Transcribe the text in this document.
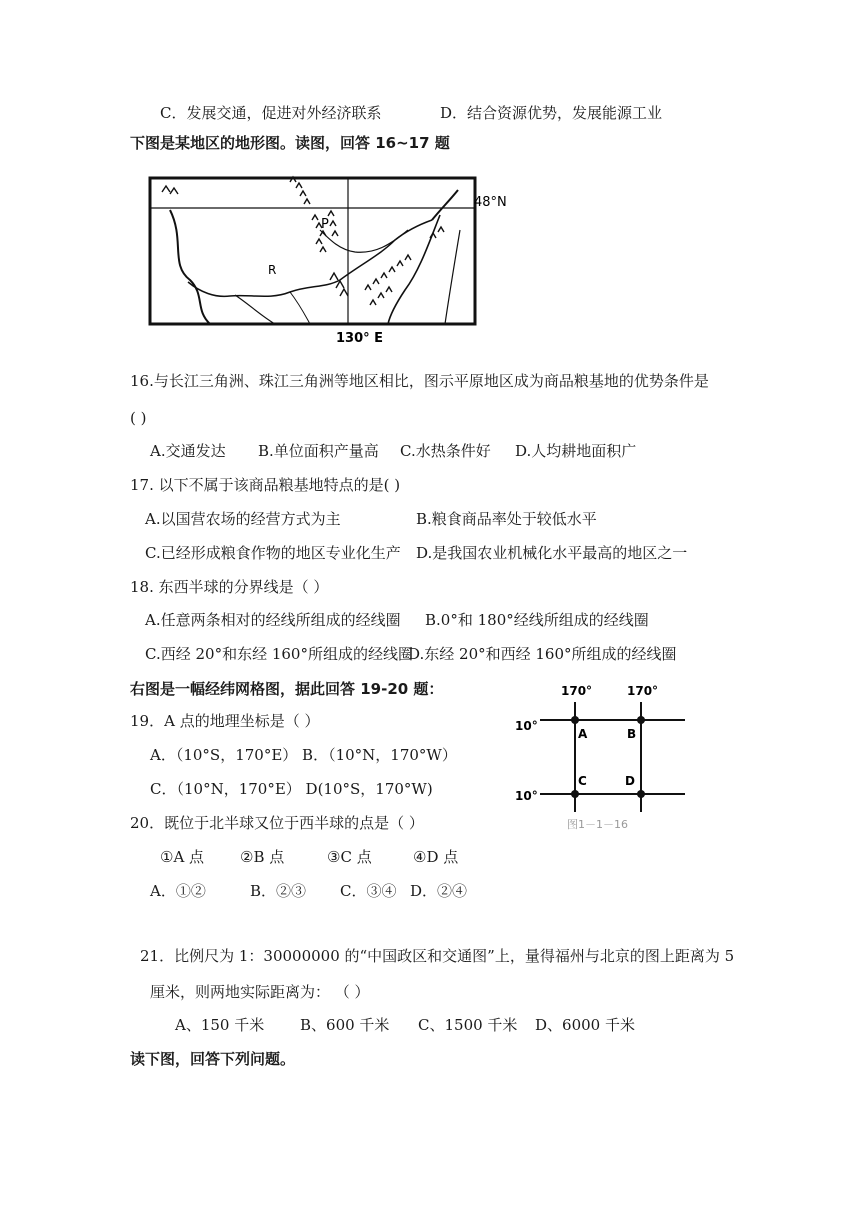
C．发展交通，促进对外经济联系	D．结合资源优势，发展能源工业
下图是某地区的地形图。读图，回答 16~17 题
P
R
48°N
130° E
16.与长江三角洲、珠江三角洲等地区相比，图示平原地区成为商品粮基地的优势条件是
( )
A.交通发达 B.单位面积产量高 C.水热条件好 D.人均耕地面积广
17. 以下不属于该商品粮基地特点的是( )
A.以国营农场的经营方式为主	B.粮食商品率处于较低水平
C.已经形成粮食作物的地区专业化生产 D.是我国农业机械化水平最高的地区之一
18. 东西半球的分界线是（ ）
A.任意两条相对的经线所组成的经线圈 B.0°和 180°经线所组成的经线圈
C.西经 20°和东经 160°所组成的经线圈
D.东经 20°和西经 160°所组成的经线圈
右图是一幅经纬网格图，据此回答 19-20 题：
19．A 点的地理坐标是（ ）
A．（10°S，170°E） B．（10°N，170°W）
C．（10°N，170°E） D(10°S，170°W)
20．既位于北半球又位于西半球的点是（ ）
①A 点 ②B 点	③C 点	④D 点
A．①②	B．②③ C．③④ D．②④
170°	170°
10°
10°
A	B
C	D
图1－1－16
21．比例尺为 1：30000000 的“中国政区和交通图”上，量得福州与北京的图上距离为 5
厘米，则两地实际距离为： （ ）
A、150 千米 B、600 千米 C、1500 千米 D、6000 千米
读下图，回答下列问题。
